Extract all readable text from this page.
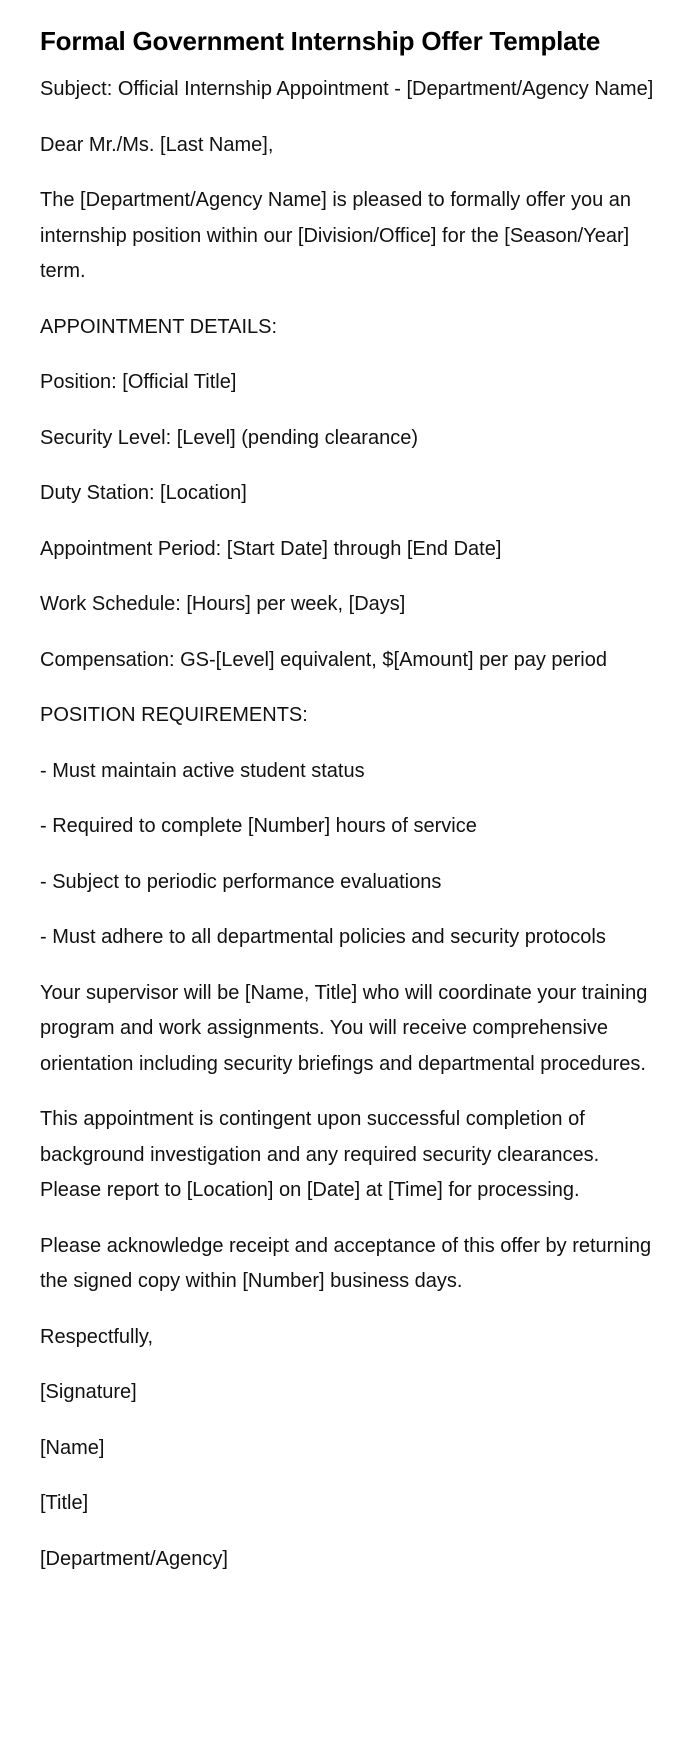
Formal Government Internship Offer Template

Subject: Official Internship Appointment - [Department/Agency Name]

Dear Mr./Ms. [Last Name],

The [Department/Agency Name] is pleased to formally offer you an internship position within our [Division/Office] for the [Season/Year] term.

APPOINTMENT DETAILS:

Position: [Official Title]

Security Level: [Level] (pending clearance)

Duty Station: [Location]

Appointment Period: [Start Date] through [End Date]

Work Schedule: [Hours] per week, [Days]

Compensation: GS-[Level] equivalent, $[Amount] per pay period

POSITION REQUIREMENTS:

- Must maintain active student status

- Required to complete [Number] hours of service

- Subject to periodic performance evaluations

- Must adhere to all departmental policies and security protocols

Your supervisor will be [Name, Title] who will coordinate your training program and work assignments. You will receive comprehensive orientation including security briefings and departmental procedures.

This appointment is contingent upon successful completion of background investigation and any required security clearances. Please report to [Location] on [Date] at [Time] for processing.

Please acknowledge receipt and acceptance of this offer by returning the signed copy within [Number] business days.

Respectfully,

[Signature]

[Name]

[Title]

[Department/Agency]
